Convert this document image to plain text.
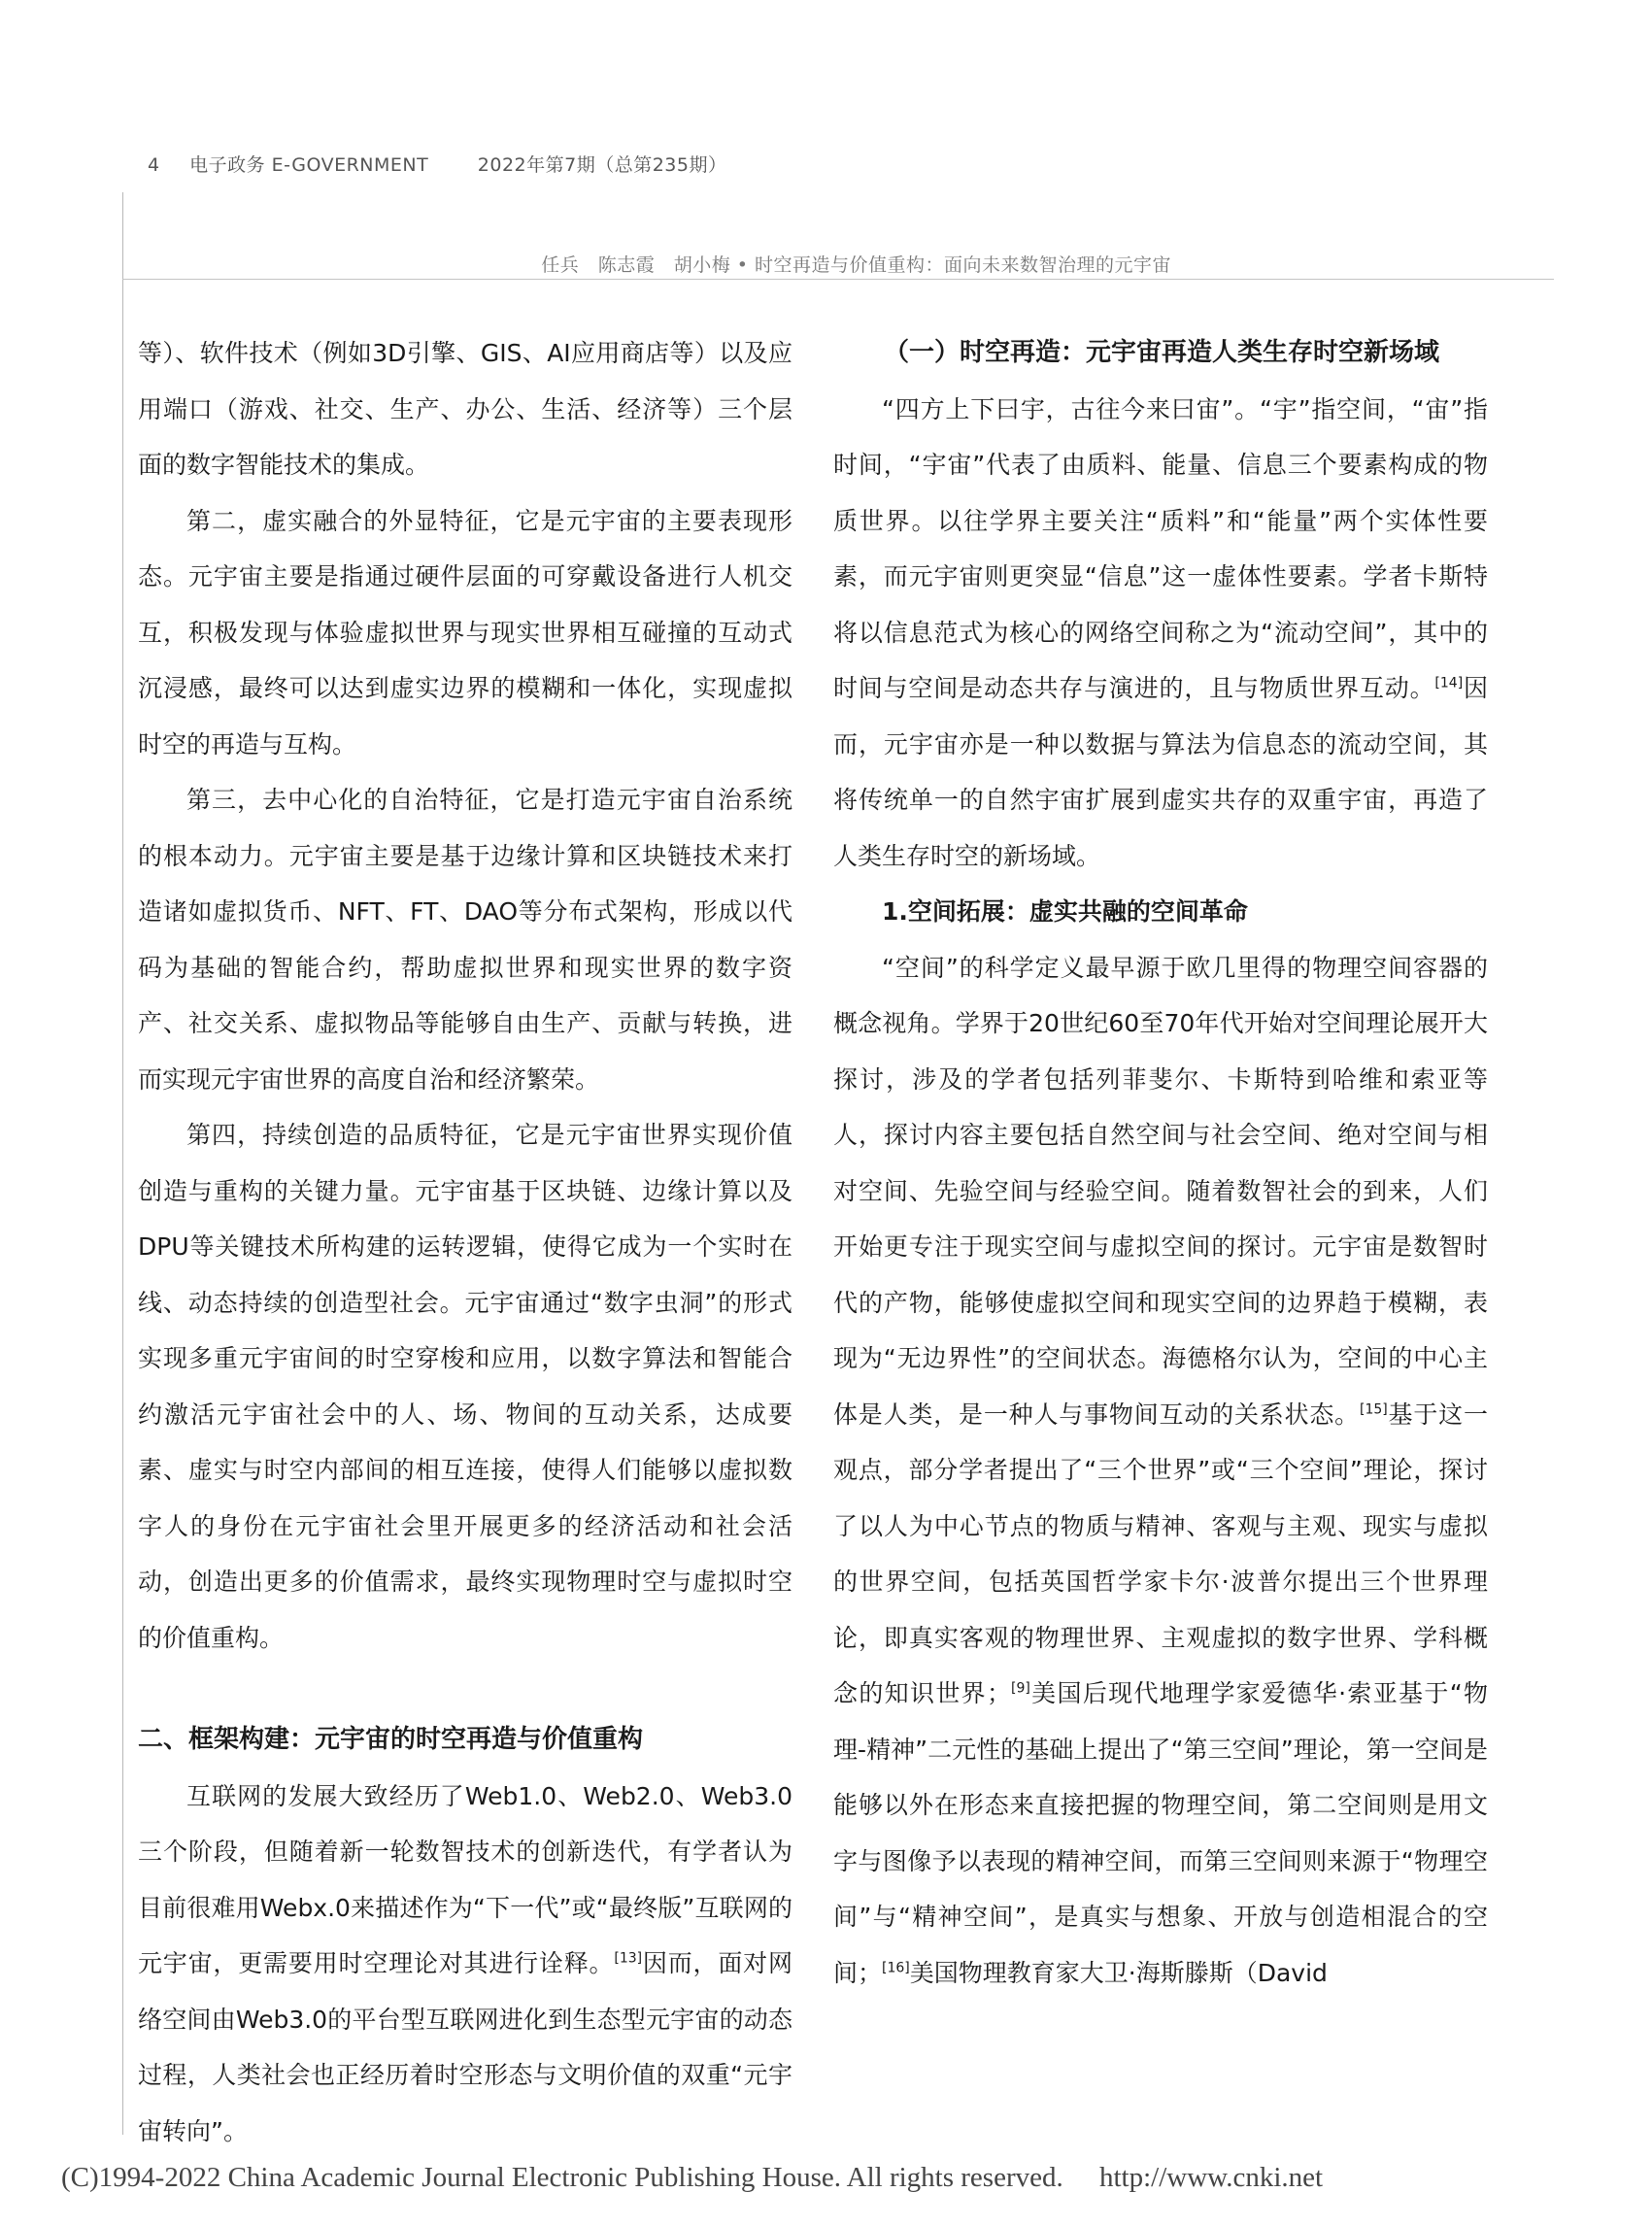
4 电子政务 E-GOVERNMENT	2022年第7期（总第235期）
任兵　陈志霞　胡小梅 • 时空再造与价值重构：面向未来数智治理的元宇宙

等）、软件技术（例如3D引擎、GIS、AI应用商店等）以及应用端口（游戏、社交、生产、办公、生活、经济等）三个层面的数字智能技术的集成。

第二，虚实融合的外显特征，它是元宇宙的主要表现形态。元宇宙主要是指通过硬件层面的可穿戴设备进行人机交互，积极发现与体验虚拟世界与现实世界相互碰撞的互动式沉浸感，最终可以达到虚实边界的模糊和一体化，实现虚拟时空的再造与互构。

第三，去中心化的自治特征，它是打造元宇宙自治系统的根本动力。元宇宙主要是基于边缘计算和区块链技术来打造诸如虚拟货币、NFT、FT、DAO等分布式架构，形成以代码为基础的智能合约，帮助虚拟世界和现实世界的数字资产、社交关系、虚拟物品等能够自由生产、贡献与转换，进而实现元宇宙世界的高度自治和经济繁荣。

第四，持续创造的品质特征，它是元宇宙世界实现价值创造与重构的关键力量。元宇宙基于区块链、边缘计算以及DPU等关键技术所构建的运转逻辑，使得它成为一个实时在线、动态持续的创造型社会。元宇宙通过“数字虫洞”的形式实现多重元宇宙间的时空穿梭和应用，以数字算法和智能合约激活元宇宙社会中的人、场、物间的互动关系，达成要素、虚实与时空内部间的相互连接，使得人们能够以虚拟数字人的身份在元宇宙社会里开展更多的经济活动和社会活动，创造出更多的价值需求，最终实现物理时空与虚拟时空的价值重构。

二、框架构建：元宇宙的时空再造与价值重构

互联网的发展大致经历了Web1.0、Web2.0、Web3.0三个阶段，但随着新一轮数智技术的创新迭代，有学者认为目前很难用Webx.0来描述作为“下一代”或“最终版”互联网的元宇宙，更需要用时空理论对其进行诠释。[13]因而，面对网络空间由Web3.0的平台型互联网进化到生态型元宇宙的动态过程，人类社会也正经历着时空形态与文明价值的双重“元宇宙转向”。

（一）时空再造：元宇宙再造人类生存时空新场域

“四方上下曰宇，古往今来曰宙”。“宇”指空间，“宙”指时间，“宇宙”代表了由质料、能量、信息三个要素构成的物质世界。以往学界主要关注“质料”和“能量”两个实体性要素，而元宇宙则更突显“信息”这一虚体性要素。学者卡斯特将以信息范式为核心的网络空间称之为“流动空间”，其中的时间与空间是动态共存与演进的，且与物质世界互动。[14]因而，元宇宙亦是一种以数据与算法为信息态的流动空间，其将传统单一的自然宇宙扩展到虚实共存的双重宇宙，再造了人类生存时空的新场域。

1.空间拓展：虚实共融的空间革命

“空间”的科学定义最早源于欧几里得的物理空间容器的概念视角。学界于20世纪60至70年代开始对空间理论展开大探讨，涉及的学者包括列菲斐尔、卡斯特到哈维和索亚等人，探讨内容主要包括自然空间与社会空间、绝对空间与相对空间、先验空间与经验空间。随着数智社会的到来，人们开始更专注于现实空间与虚拟空间的探讨。元宇宙是数智时代的产物，能够使虚拟空间和现实空间的边界趋于模糊，表现为“无边界性”的空间状态。海德格尔认为，空间的中心主体是人类，是一种人与事物间互动的关系状态。[15]基于这一观点，部分学者提出了“三个世界”或“三个空间”理论，探讨了以人为中心节点的物质与精神、客观与主观、现实与虚拟的世界空间，包括英国哲学家卡尔·波普尔提出三个世界理论，即真实客观的物理世界、主观虚拟的数字世界、学科概念的知识世界；[9]美国后现代地理学家爱德华·索亚基于“物理-精神”二元性的基础上提出了“第三空间”理论，第一空间是能够以外在形态来直接把握的物理空间，第二空间则是用文字与图像予以表现的精神空间，而第三空间则来源于“物理空间”与“精神空间”，是真实与想象、开放与创造相混合的空间；[16]美国物理教育家大卫·海斯滕斯（David

(C)1994-2022 China Academic Journal Electronic Publishing House. All rights reserved. http://www.cnki.net
